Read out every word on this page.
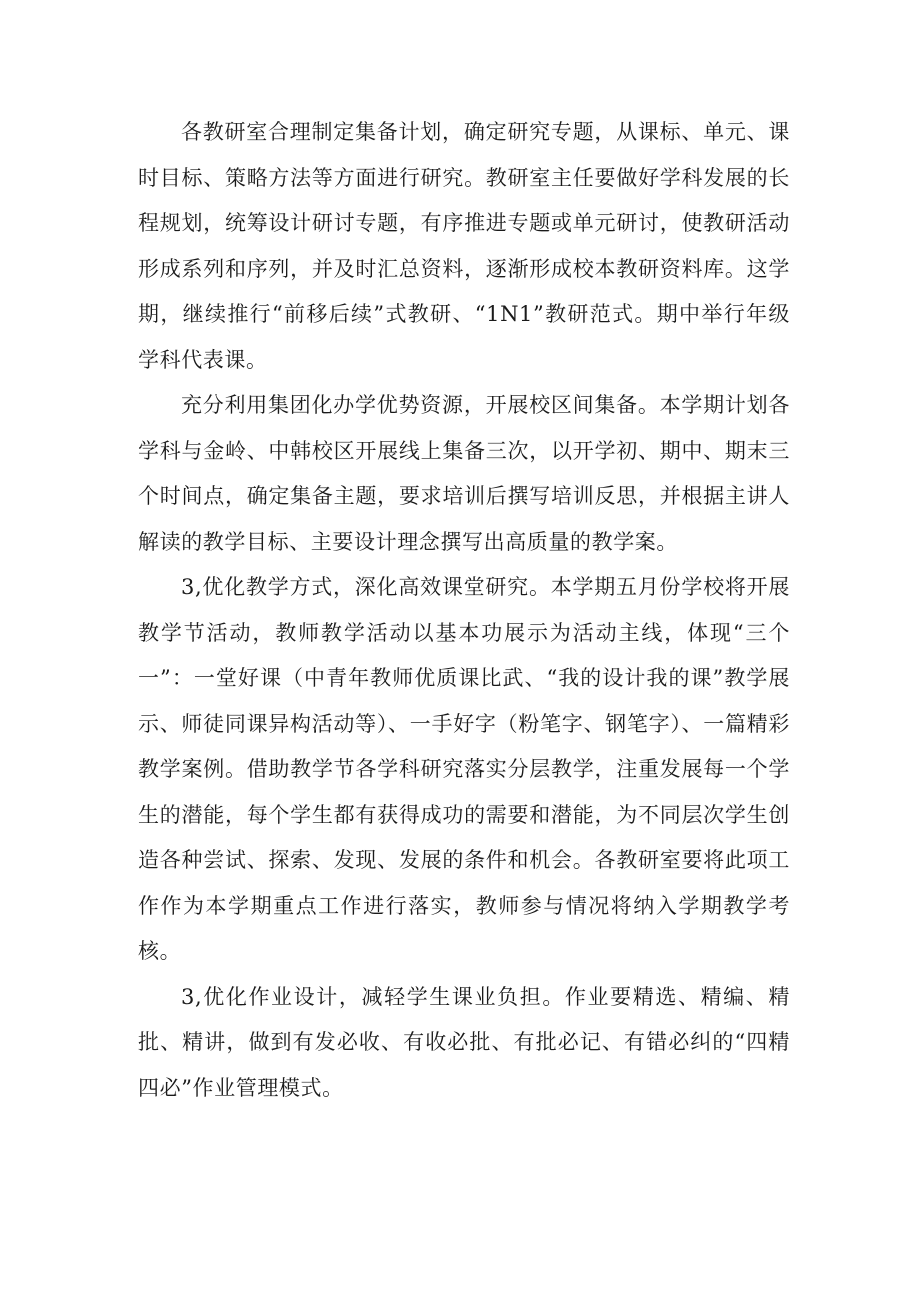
各教研室合理制定集备计划，确定研究专题，从课标、单元、课时目标、策略方法等方面进行研究。教研室主任要做好学科发展的长程规划，统筹设计研讨专题，有序推进专题或单元研讨，使教研活动形成系列和序列，并及时汇总资料，逐渐形成校本教研资料库。这学期，继续推行“前移后续”式教研、“1N1”教研范式。期中举行年级学科代表课。

充分利用集团化办学优势资源，开展校区间集备。本学期计划各学科与金岭、中韩校区开展线上集备三次，以开学初、期中、期末三个时间点，确定集备主题，要求培训后撰写培训反思，并根据主讲人解读的教学目标、主要设计理念撰写出高质量的教学案。

3,优化教学方式，深化高效课堂研究。本学期五月份学校将开展教学节活动，教师教学活动以基本功展示为活动主线，体现“三个一”：一堂好课（中青年教师优质课比武、“我的设计我的课”教学展示、师徒同课异构活动等）、一手好字（粉笔字、钢笔字）、一篇精彩教学案例。借助教学节各学科研究落实分层教学，注重发展每一个学生的潜能，每个学生都有获得成功的需要和潜能，为不同层次学生创造各种尝试、探索、发现、发展的条件和机会。各教研室要将此项工作作为本学期重点工作进行落实，教师参与情况将纳入学期教学考核。

3,优化作业设计，减轻学生课业负担。作业要精选、精编、精批、精讲，做到有发必收、有收必批、有批必记、有错必纠的“四精四必”作业管理模式。
